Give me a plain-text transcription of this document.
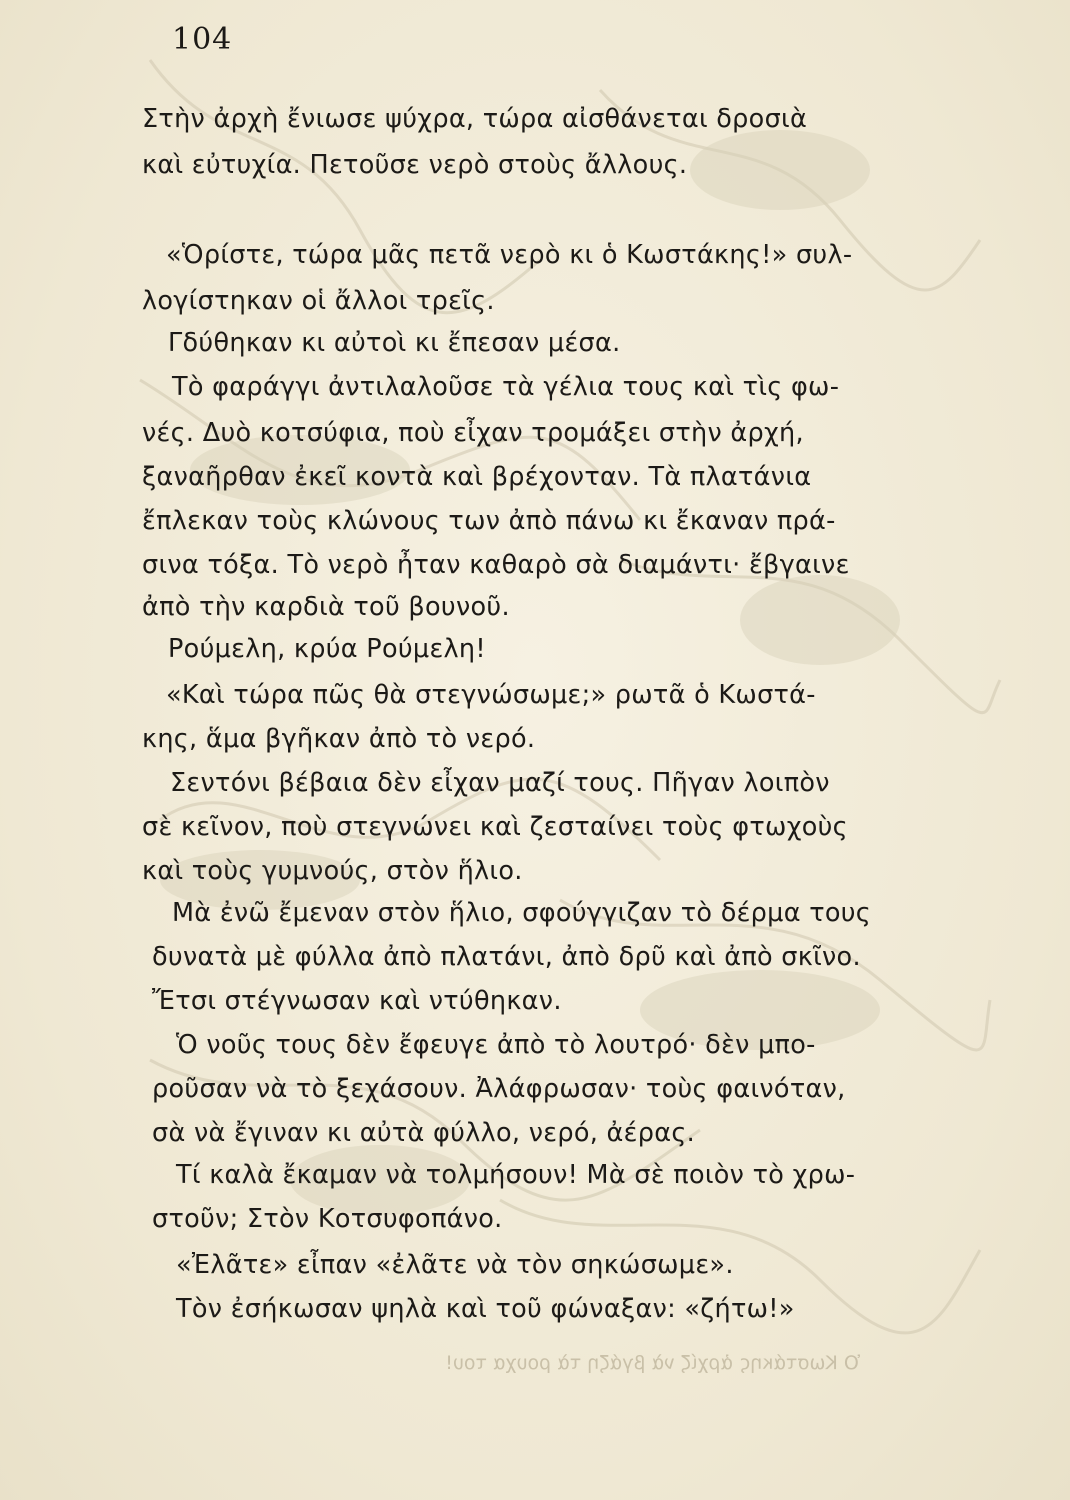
104
Στὴν ἀρχὴ ἔνιωσε ψύχρα, τώρα αἰσθάνεται δροσιὰ
καὶ εὐτυχία. Πετοῦσε νερὸ στοὺς ἄλλους.
«Ὁρίστε, τώρα μᾶς πετᾶ νερὸ κι ὁ Κωστάκης!» συλ-
λογίστηκαν οἱ ἄλλοι τρεῖς.
Γδύθηκαν κι αὐτοὶ κι ἔπεσαν μέσα.
Τὸ φαράγγι ἀντιλαλοῦσε τὰ γέλια τους καὶ τὶς φω-
νές. Δυὸ κοτσύφια, ποὺ εἶχαν τρομάξει στὴν ἀρχή,
ξαναῆρθαν ἐκεῖ κοντὰ καὶ βρέχονταν. Τὰ πλατάνια
ἔπλεκαν τοὺς κλώνους των ἀπὸ πάνω κι ἔκαναν πρά-
σινα τόξα. Τὸ νερὸ ἦταν καθαρὸ σὰ διαμάντι· ἔβγαινε
ἀπὸ τὴν καρδιὰ τοῦ βουνοῦ.
Ρούμελη, κρύα Ρούμελη!
«Καὶ τώρα πῶς θὰ στεγνώσωμε;» ρωτᾶ ὁ Κωστά-
κης, ἅμα βγῆκαν ἀπὸ τὸ νερό.
Σεντόνι βέβαια δὲν εἶχαν μαζί τους. Πῆγαν λοιπὸν
σὲ κεῖνον, ποὺ στεγνώνει καὶ ζεσταίνει τοὺς φτωχοὺς
καὶ τοὺς γυμνούς, στὸν ἥλιο.
Μὰ ἐνῶ ἔμεναν στὸν ἥλιο, σφούγγιζαν τὸ δέρμα τους
δυνατὰ μὲ φύλλα ἀπὸ πλατάνι, ἀπὸ δρῦ καὶ ἀπὸ σκῖνο.
Ἔτσι στέγνωσαν καὶ ντύθηκαν.
Ὁ νοῦς τους δὲν ἔφευγε ἀπὸ τὸ λουτρό· δὲν μπο-
ροῦσαν νὰ τὸ ξεχάσουν. Ἀλάφρωσαν· τοὺς φαινόταν,
σὰ νὰ ἔγιναν κι αὐτὰ φύλλο, νερό, ἀέρας.
Τί καλὰ ἔκαμαν νὰ τολμήσουν! Μὰ σὲ ποιὸν τὸ χρω-
στοῦν; Στὸν Κοτσυφοπάνο.
«Ἐλᾶτε» εἶπαν «ἐλᾶτε νὰ τὸν σηκώσωμε».
Τὸν ἐσήκωσαν ψηλὰ καὶ τοῦ φώναξαν: «ζήτω!»
Ὁ Κωστάκης ἀρχίζ νὰ βγάζη τὰ ρουχα του!
